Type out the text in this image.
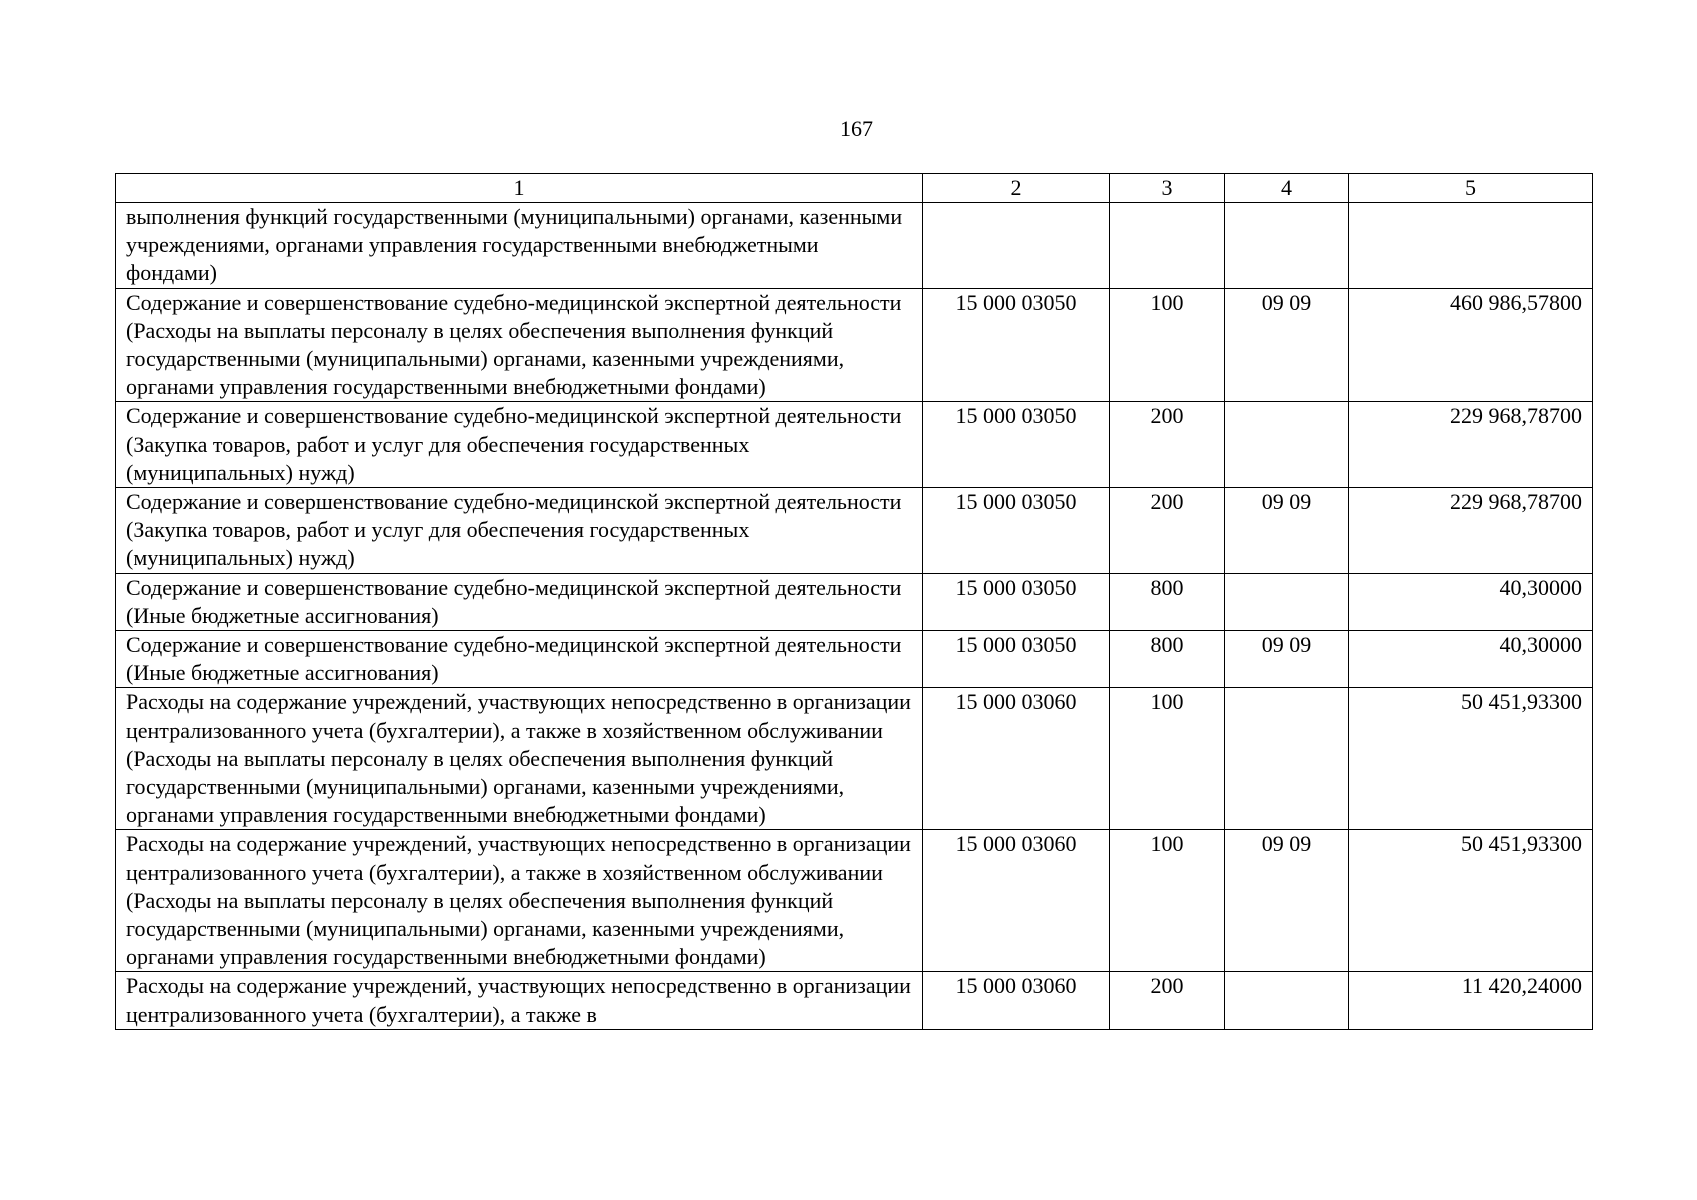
167
1	2	3	4	5
выполнения функций государственными (муниципальными) органами, казенными учреждениями, органами управления государственными внебюджетными фондами)				
Содержание и совершенствование судебно-медицинской экспертной деятельности (Расходы на выплаты персоналу в целях обеспечения выполнения функций государственными (муниципальными) органами, казенными учреждениями, органами управления государственными внебюджетными фондами)	15 000 03050	100	09 09	460 986,57800
Содержание и совершенствование судебно-медицинской экспертной деятельности (Закупка товаров, работ и услуг для обеспечения государственных (муниципальных) нужд)	15 000 03050	200		229 968,78700
Содержание и совершенствование судебно-медицинской экспертной деятельности (Закупка товаров, работ и услуг для обеспечения государственных (муниципальных) нужд)	15 000 03050	200	09 09	229 968,78700
Содержание и совершенствование судебно-медицинской экспертной деятельности (Иные бюджетные ассигнования)	15 000 03050	800		40,30000
Содержание и совершенствование судебно-медицинской экспертной деятельности (Иные бюджетные ассигнования)	15 000 03050	800	09 09	40,30000
Расходы на содержание учреждений, участвующих непосредственно в организации централизованного учета (бухгалтерии), а также в хозяйственном обслуживании (Расходы на выплаты персоналу в целях обеспечения выполнения функций государственными (муниципальными) органами, казенными учреждениями, органами управления государственными внебюджетными фондами)	15 000 03060	100		50 451,93300
Расходы на содержание учреждений, участвующих непосредственно в организации централизованного учета (бухгалтерии), а также в хозяйственном обслуживании (Расходы на выплаты персоналу в целях обеспечения выполнения функций государственными (муниципальными) органами, казенными учреждениями, органами управления государственными внебюджетными фондами)	15 000 03060	100	09 09	50 451,93300
Расходы на содержание учреждений, участвующих непосредственно в организации централизованного учета (бухгалтерии), а также в	15 000 03060	200		11 420,24000
